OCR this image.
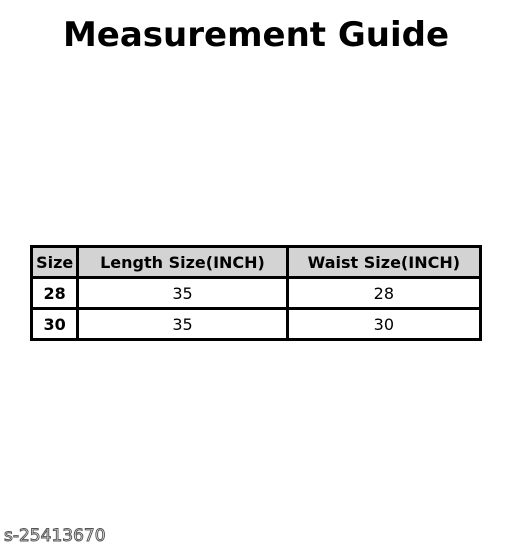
Measurement Guide
Size	Length Size(INCH)	Waist Size(INCH)
28	35	28
30	35	30
s-25413670
